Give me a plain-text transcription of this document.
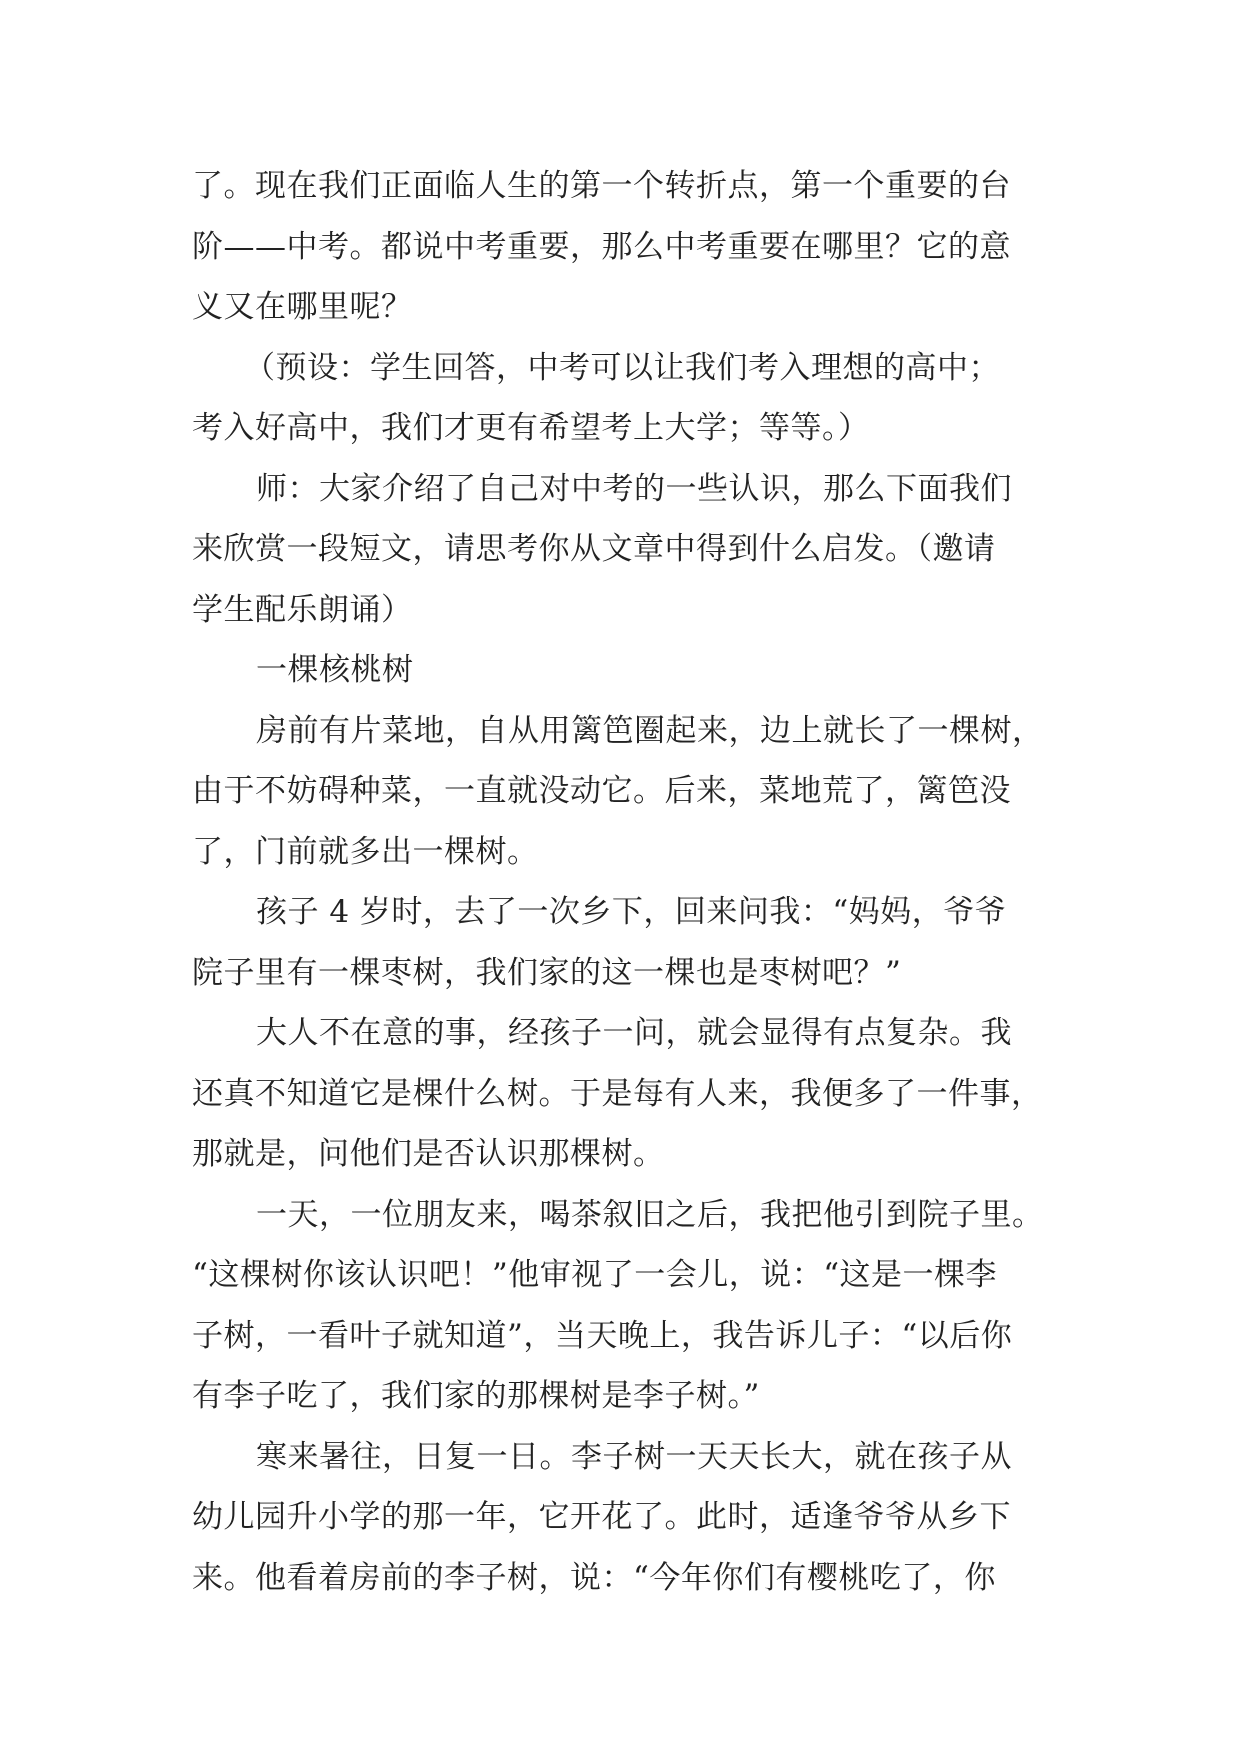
了。现在我们正面临人生的第一个转折点，第一个重要的台
阶——中考。都说中考重要，那么中考重要在哪里？它的意
义又在哪里呢？
（预设：学生回答，中考可以让我们考入理想的高中；
考入好高中，我们才更有希望考上大学；等等。）
师：大家介绍了自己对中考的一些认识，那么下面我们
来欣赏一段短文，请思考你从文章中得到什么启发。（邀请
学生配乐朗诵）
一棵核桃树
房前有片菜地，自从用篱笆圈起来，边上就长了一棵树，
由于不妨碍种菜，一直就没动它。后来，菜地荒了，篱笆没
了，门前就多出一棵树。
孩子 4 岁时，去了一次乡下，回来问我：“妈妈，爷爷
院子里有一棵枣树，我们家的这一棵也是枣树吧？”
大人不在意的事，经孩子一问，就会显得有点复杂。我
还真不知道它是棵什么树。于是每有人来，我便多了一件事，
那就是，问他们是否认识那棵树。
一天，一位朋友来，喝茶叙旧之后，我把他引到院子里。
“这棵树你该认识吧！”他审视了一会儿，说：“这是一棵李
子树，一看叶子就知道”，当天晚上，我告诉儿子：“以后你
有李子吃了，我们家的那棵树是李子树。”
寒来暑往，日复一日。李子树一天天长大，就在孩子从
幼儿园升小学的那一年，它开花了。此时，适逢爷爷从乡下
来。他看着房前的李子树，说：“今年你们有樱桃吃了，你
